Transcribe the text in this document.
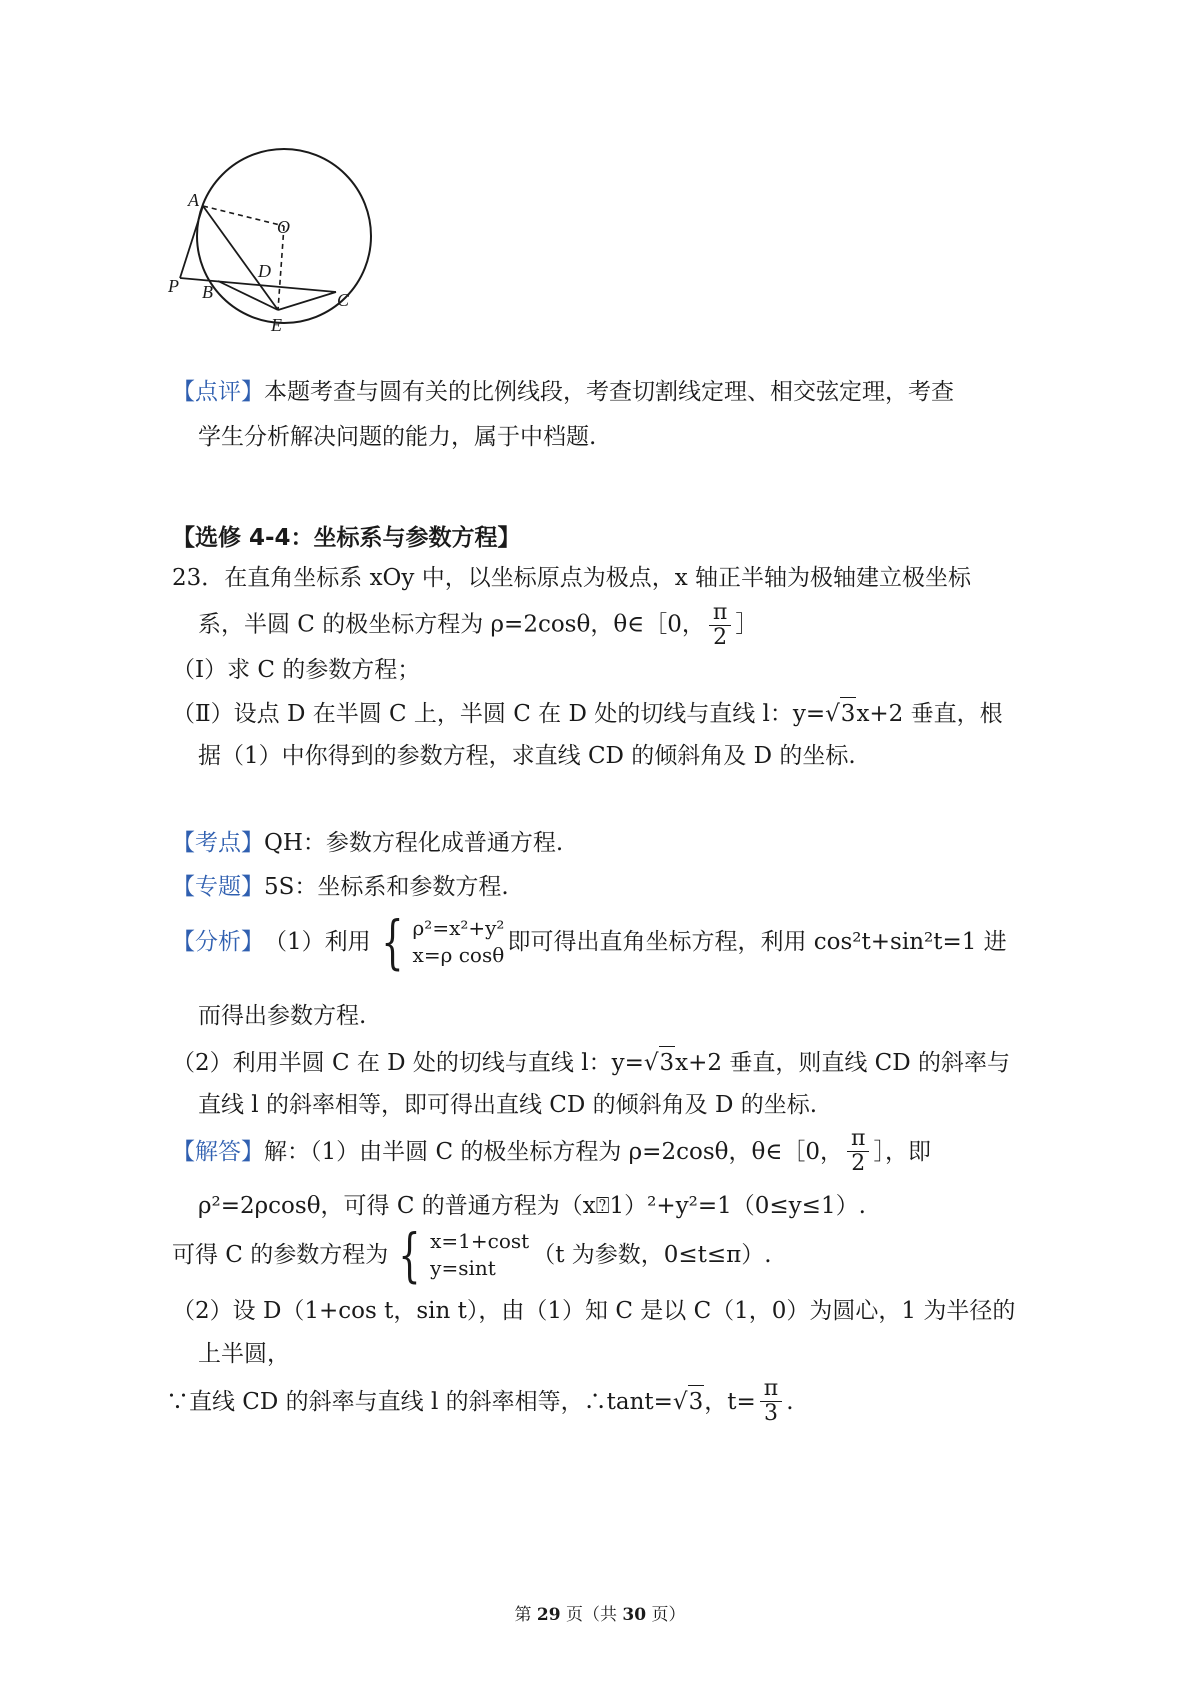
A
O
D
P B	C
E
【点评】本题考查与圆有关的比例线段，考查切割线定理、相交弦定理，考查
学生分析解决问题的能力，属于中档题.
【选修 4-4：坐标系与参数方程】
23．在直角坐标系 xOy 中，以坐标原点为极点，x 轴正半轴为极轴建立极坐标
系，半圆 C 的极坐标方程为 ρ=2cosθ，θ∈［0， $\frac{\pi}{2}$ ］
（Ⅰ）求 C 的参数方程；
（Ⅱ）设点 D 在半圆 C 上，半圆 C 在 D 处的切线与直线 l：y= √ 3 x+2 垂直，根
据（1）中你得到的参数方程，求直线 CD 的倾斜角及 D 的坐标.
【考点】QH：参数方程化成普通方程.
【专题】5S：坐标系和参数方程.
【分析】 （1）利用 { ρ²=x²+y²
x=ρ cosθ 即可得出直角坐标方程，利用 cos²t+sin²t=1 进
而得出参数方程.
（2）利用半圆 C 在 D 处的切线与直线 l：y= √ 3 x+2 垂直，则直线 CD 的斜率与
直线 l 的斜率相等，即可得出直线 CD 的倾斜角及 D 的坐标.
【解答】 解：（1）由半圆 C 的极坐标方程为 ρ=2cosθ，θ∈［0， $\frac{\pi}{2}$ ］，即
ρ²=2ρcosθ，可得 C 的普通方程为（x﻿⍰1）²+y²=1（0≤y≤1）.
可得 C 的参数方程为 { x=1+cost
y=sint	（t 为参数，0≤t≤π）.
（2）设 D（1+cos t，sin t），由（1）知 C 是以 C（1，0）为圆心，1 为半径的
上半圆，
∵直线 CD 的斜率与直线 l 的斜率相等，∴tant= √ 3 ，$t= \frac{\pi}{3}$ .
第 29 页（共 30 页）
